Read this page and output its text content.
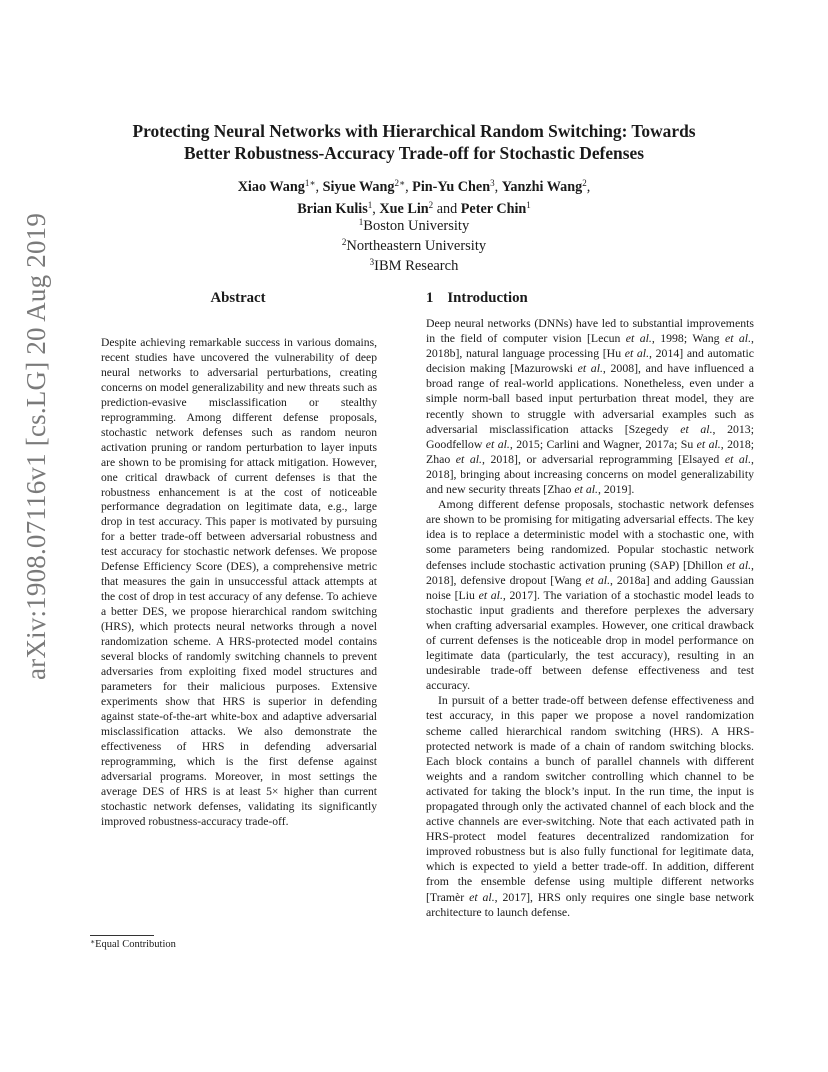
arXiv:1908.07116v1 [cs.LG] 20 Aug 2019
Protecting Neural Networks with Hierarchical Random Switching: Towards
Better Robustness-Accuracy Trade-off for Stochastic Defenses
Xiao Wang$^{1∗}$, Siyue Wang$^{2∗}$, Pin-Yu Chen$^3$, Yanzhi Wang$^2$,
Brian Kulis$^1$, Xue Lin$^2$ and Peter Chin$^1$
$^1$Boston University
$^2$Northeastern University
$^3$IBM Research
Abstract
Despite achieving remarkable success in various domains, recent studies have uncovered the vulnerability of deep neural networks to adversarial perturbations, creating concerns on model generalizability and new threats such as prediction-evasive misclassification or stealthy reprogramming. Among different defense proposals, stochastic network defenses such as random neuron activation pruning or random perturbation to layer inputs are shown to be promising for attack mitigation. However, one critical drawback of current defenses is that the robustness enhancement is at the cost of noticeable performance degradation on legitimate data, e.g., large drop in test accuracy. This paper is motivated by pursuing for a better trade-off between adversarial robustness and test accuracy for stochastic network defenses. We propose Defense Efficiency Score (DES), a comprehensive metric that measures the gain in unsuccessful attack attempts at the cost of drop in test accuracy of any defense. To achieve a better DES, we propose hierarchical random switching (HRS), which protects neural networks through a novel randomization scheme. A HRS-protected model contains several blocks of randomly switching channels to prevent adversaries from exploiting fixed model structures and parameters for their malicious purposes. Extensive experiments show that HRS is superior in defending against state-of-the-art white-box and adaptive adversarial misclassification attacks. We also demonstrate the effectiveness of HRS in defending adversarial reprogramming, which is the first defense against adversarial programs. Moreover, in most settings the average DES of HRS is at least 5× higher than current stochastic network defenses, validating its significantly improved robustness-accuracy trade-off.
1 Introduction

Deep neural networks (DNNs) have led to substantial improvements in the field of computer vision [Lecun et al., 1998; Wang et al., 2018b], natural language processing [Hu et al., 2014] and automatic decision making [Mazurowski et al., 2008], and have influenced a broad range of real-world applications. Nonetheless, even under a simple norm-ball based input perturbation threat model, they are recently shown to struggle with adversarial examples such as adversarial misclassification attacks [Szegedy et al., 2013; Goodfellow et al., 2015; Carlini and Wagner, 2017a; Su et al., 2018; Zhao et al., 2018], or adversarial reprogramming [Elsayed et al., 2018], bringing about increasing concerns on model generalizability and new security threats [Zhao et al., 2019].

Among different defense proposals, stochastic network defenses are shown to be promising for mitigating adversarial effects. The key idea is to replace a deterministic model with a stochastic one, with some parameters being randomized. Popular stochastic network defenses include stochastic activation pruning (SAP) [Dhillon et al., 2018], defensive dropout [Wang et al., 2018a] and adding Gaussian noise [Liu et al., 2017]. The variation of a stochastic model leads to stochastic input gradients and therefore perplexes the adversary when crafting adversarial examples. However, one critical drawback of current defenses is the noticeable drop in model performance on legitimate data (particularly, the test accuracy), resulting in an undesirable trade-off between defense effectiveness and test accuracy.

In pursuit of a better trade-off between defense effectiveness and test accuracy, in this paper we propose a novel randomization scheme called hierarchical random switching (HRS). A HRS-protected network is made of a chain of random switching blocks. Each block contains a bunch of parallel channels with different weights and a random switcher controlling which channel to be activated for taking the block’s input. In the run time, the input is propagated through only the activated channel of each block and the active channels are ever-switching. Note that each activated path in HRS-protect model features decentralized randomization for improved robustness but is also fully functional for legitimate data, which is expected to yield a better trade-off. In addition, different from the ensemble defense using multiple different networks [Tramèr et al., 2017], HRS only requires one single base network architecture to launch defense.

∗Equal Contribution
